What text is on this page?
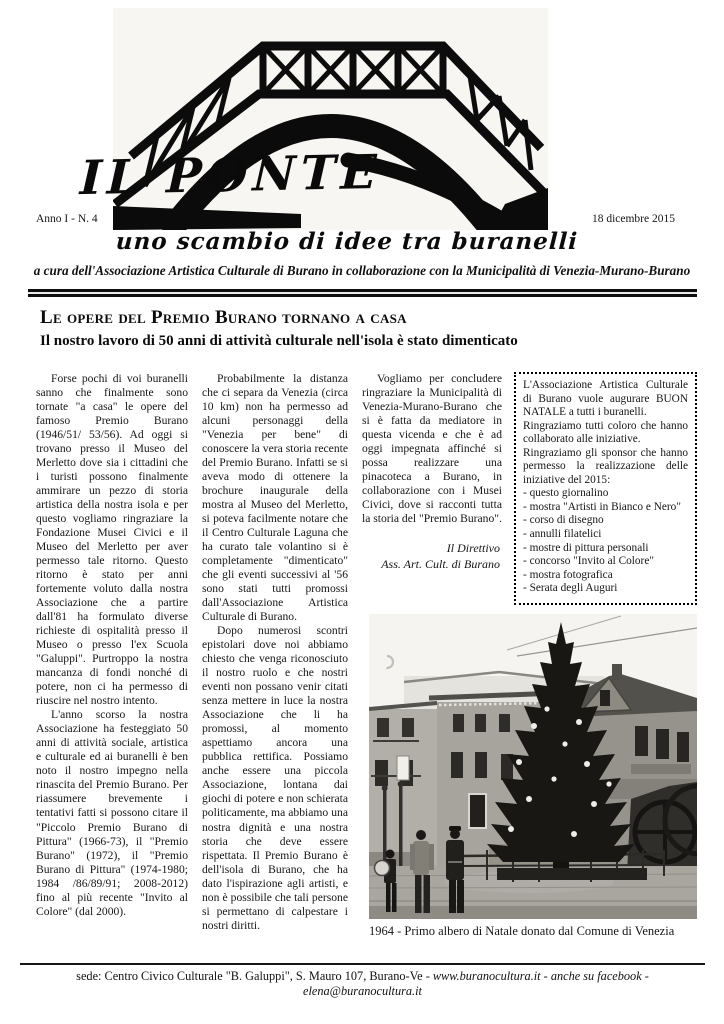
IL PONTE
Anno I - N. 4	18 dicembre 2015
uno scambio di idee tra buranelli
a cura dell'Associazione Artistica Culturale di Burano in collaborazione con la Municipalità di Venezia-Murano-Burano
Le opere del Premio Burano tornano a casa
Il nostro lavoro di 50 anni di attività culturale nell'isola è stato dimenticato

Forse pochi di voi buranelli sanno che finalmente sono tornate "a casa" le opere del famoso Premio Burano (1946/51/ 53/56). Ad oggi si trovano presso il Museo del Merletto dove sia i cittadini che i turisti possono finalmente ammirare un pezzo di storia artistica della nostra isola e per questo vogliamo ringraziare la Fondazione Musei Civici e il Museo del Merletto per aver permesso tale ritorno. Questo ritorno è stato per anni fortemente voluto dalla nostra Associazione che a partire dall'81 ha formulato diverse richieste di ospitalità presso il Museo o presso l'ex Scuola "Galuppi". Purtroppo la nostra mancanza di fondi nonché di potere, non ci ha permesso di riuscire nel nostro intento.

L'anno scorso la nostra Associazione ha festeggiato 50 anni di attività sociale, artistica e culturale ed ai buranelli è ben noto il nostro impegno nella rinascita del Premio Burano. Per riassumere brevemente i tentativi fatti si possono citare il "Piccolo Premio Burano di Pittura" (1966-73), il "Premio Burano" (1972), il "Premio Burano di Pittura" (1974-1980; 1984 /86/89/91; 2008-2012) fino al più recente "Invito al Colore" (dal 2000).

Probabilmente la distanza che ci separa da Venezia (circa 10 km) non ha permesso ad alcuni personaggi della "Venezia per bene" di conoscere la vera storia recente del Premio Burano. Infatti se si aveva modo di ottenere la brochure inaugurale della mostra al Museo del Merletto, si poteva facilmente notare che il Centro Culturale Laguna che ha curato tale volantino si è completamente "dimenticato" che gli eventi successivi al '56 sono stati tutti promossi dall'Associazione Artistica Culturale di Burano.

Dopo numerosi scontri epistolari dove noi abbiamo chiesto che venga riconosciuto il nostro ruolo e che nostri eventi non possano venir citati senza mettere in luce la nostra Associazione che li ha promossi, al momento aspettiamo ancora una pubblica rettifica. Possiamo anche essere una piccola Associazione, lontana dai giochi di potere e non schierata politicamente, ma abbiamo una nostra dignità e una nostra storia che deve essere rispettata. Il Premio Burano è dell'isola di Burano, che ha dato l'ispirazione agli artisti, e non è possibile che tali persone si permettano di calpestare i nostri diritti.

Vogliamo per concludere ringraziare la Municipalità di Venezia-Murano-Burano che si è fatta da mediatore in questa vicenda e che è ad oggi impegnata affinché si possa realizzare una pinacoteca a Burano, in collaborazione con i Musei Civici, dove si racconti tutta la storia del "Premio Burano".

Il Direttivo
Ass. Art. Cult. di Burano

L'Associazione Artistica Culturale di Burano vuole augurare BUON NATALE a tutti i buranelli.

Ringraziamo tutti coloro che hanno collaborato alle iniziative.

Ringraziamo gli sponsor che hanno permesso la realizzazione delle iniziative del 2015:

- questo giornalino
- mostra "Artisti in Bianco e Nero"
- corso di disegno
- annulli filatelici
- mostre di pittura personali
- concorso "Invito al Colore"
- mostra fotografica
- Serata degli Auguri
1964 - Primo albero di Natale donato dal Comune di Venezia
sede: Centro Civico Culturale "B. Galuppi", S. Mauro 107, Burano-Ve - www.buranocultura.it - anche su facebook - elena@buranocultura.it
